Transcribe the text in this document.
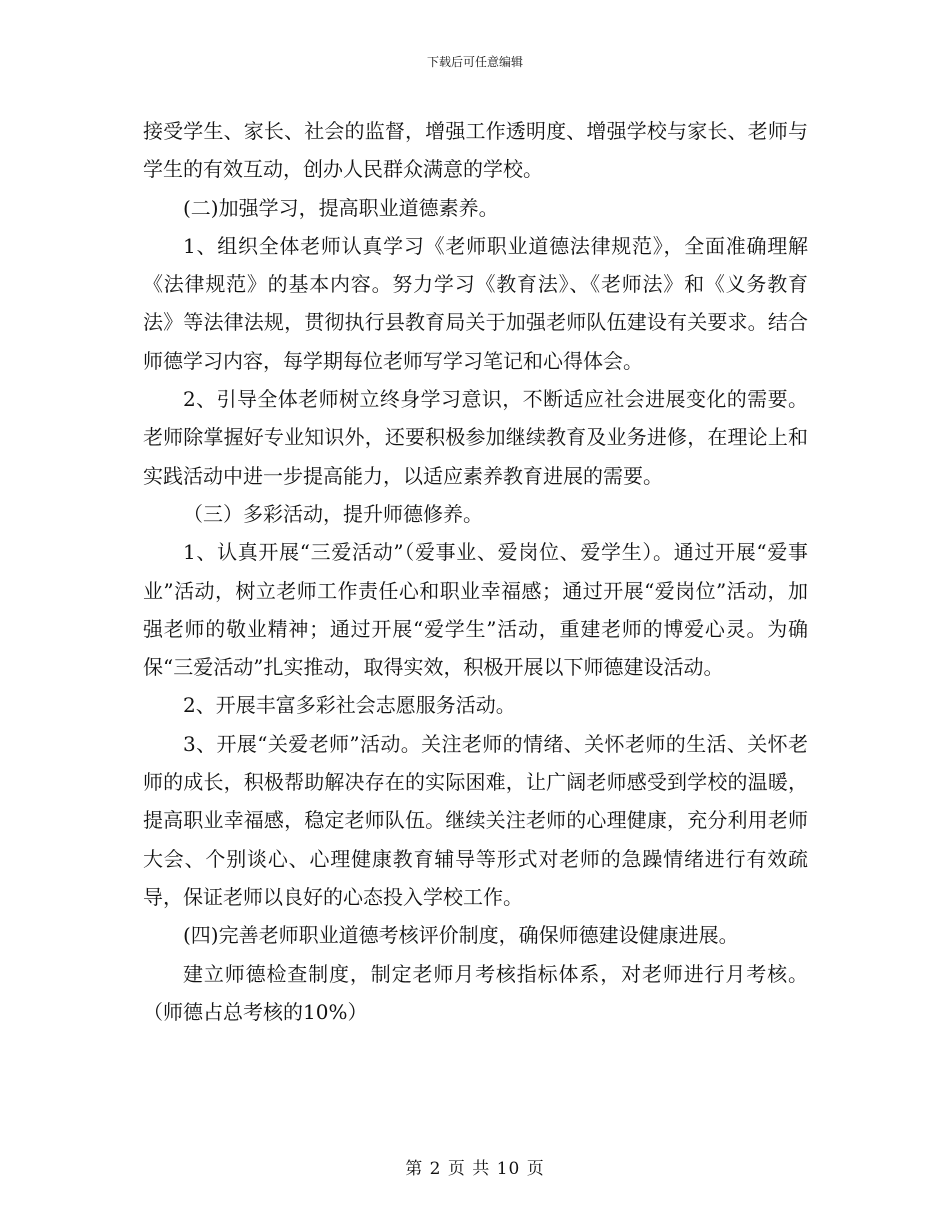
下载后可任意编辑

接受学生、家长、社会的监督，增强工作透明度、增强学校与家长、老师与学生的有效互动，创办人民群众满意的学校。

(二)加强学习，提高职业道德素养。

1、组织全体老师认真学习《老师职业道德法律规范》，全面准确理解《法律规范》的基本内容。努力学习《教育法》、《老师法》和《义务教育法》等法律法规，贯彻执行县教育局关于加强老师队伍建设有关要求。结合师德学习内容，每学期每位老师写学习笔记和心得体会。

2、引导全体老师树立终身学习意识，不断适应社会进展变化的需要。老师除掌握好专业知识外，还要积极参加继续教育及业务进修，在理论上和实践活动中进一步提高能力，以适应素养教育进展的需要。

（三）多彩活动，提升师德修养。

1、认真开展“三爱活动”（爱事业、爱岗位、爱学生）。通过开展“爱事业”活动，树立老师工作责任心和职业幸福感；通过开展“爱岗位”活动，加强老师的敬业精神；通过开展“爱学生”活动，重建老师的博爱心灵。为确保“三爱活动”扎实推动，取得实效，积极开展以下师德建设活动。

2、开展丰富多彩社会志愿服务活动。

3、开展“关爱老师”活动。关注老师的情绪、关怀老师的生活、关怀老师的成长，积极帮助解决存在的实际困难，让广阔老师感受到学校的温暖，提高职业幸福感，稳定老师队伍。继续关注老师的心理健康，充分利用老师大会、个别谈心、心理健康教育辅导等形式对老师的急躁情绪进行有效疏导，保证老师以良好的心态投入学校工作。

(四)完善老师职业道德考核评价制度，确保师德建设健康进展。

建立师德检查制度，制定老师月考核指标体系，对老师进行月考核。（师德占总考核的10%）

第 2 页 共 10 页
